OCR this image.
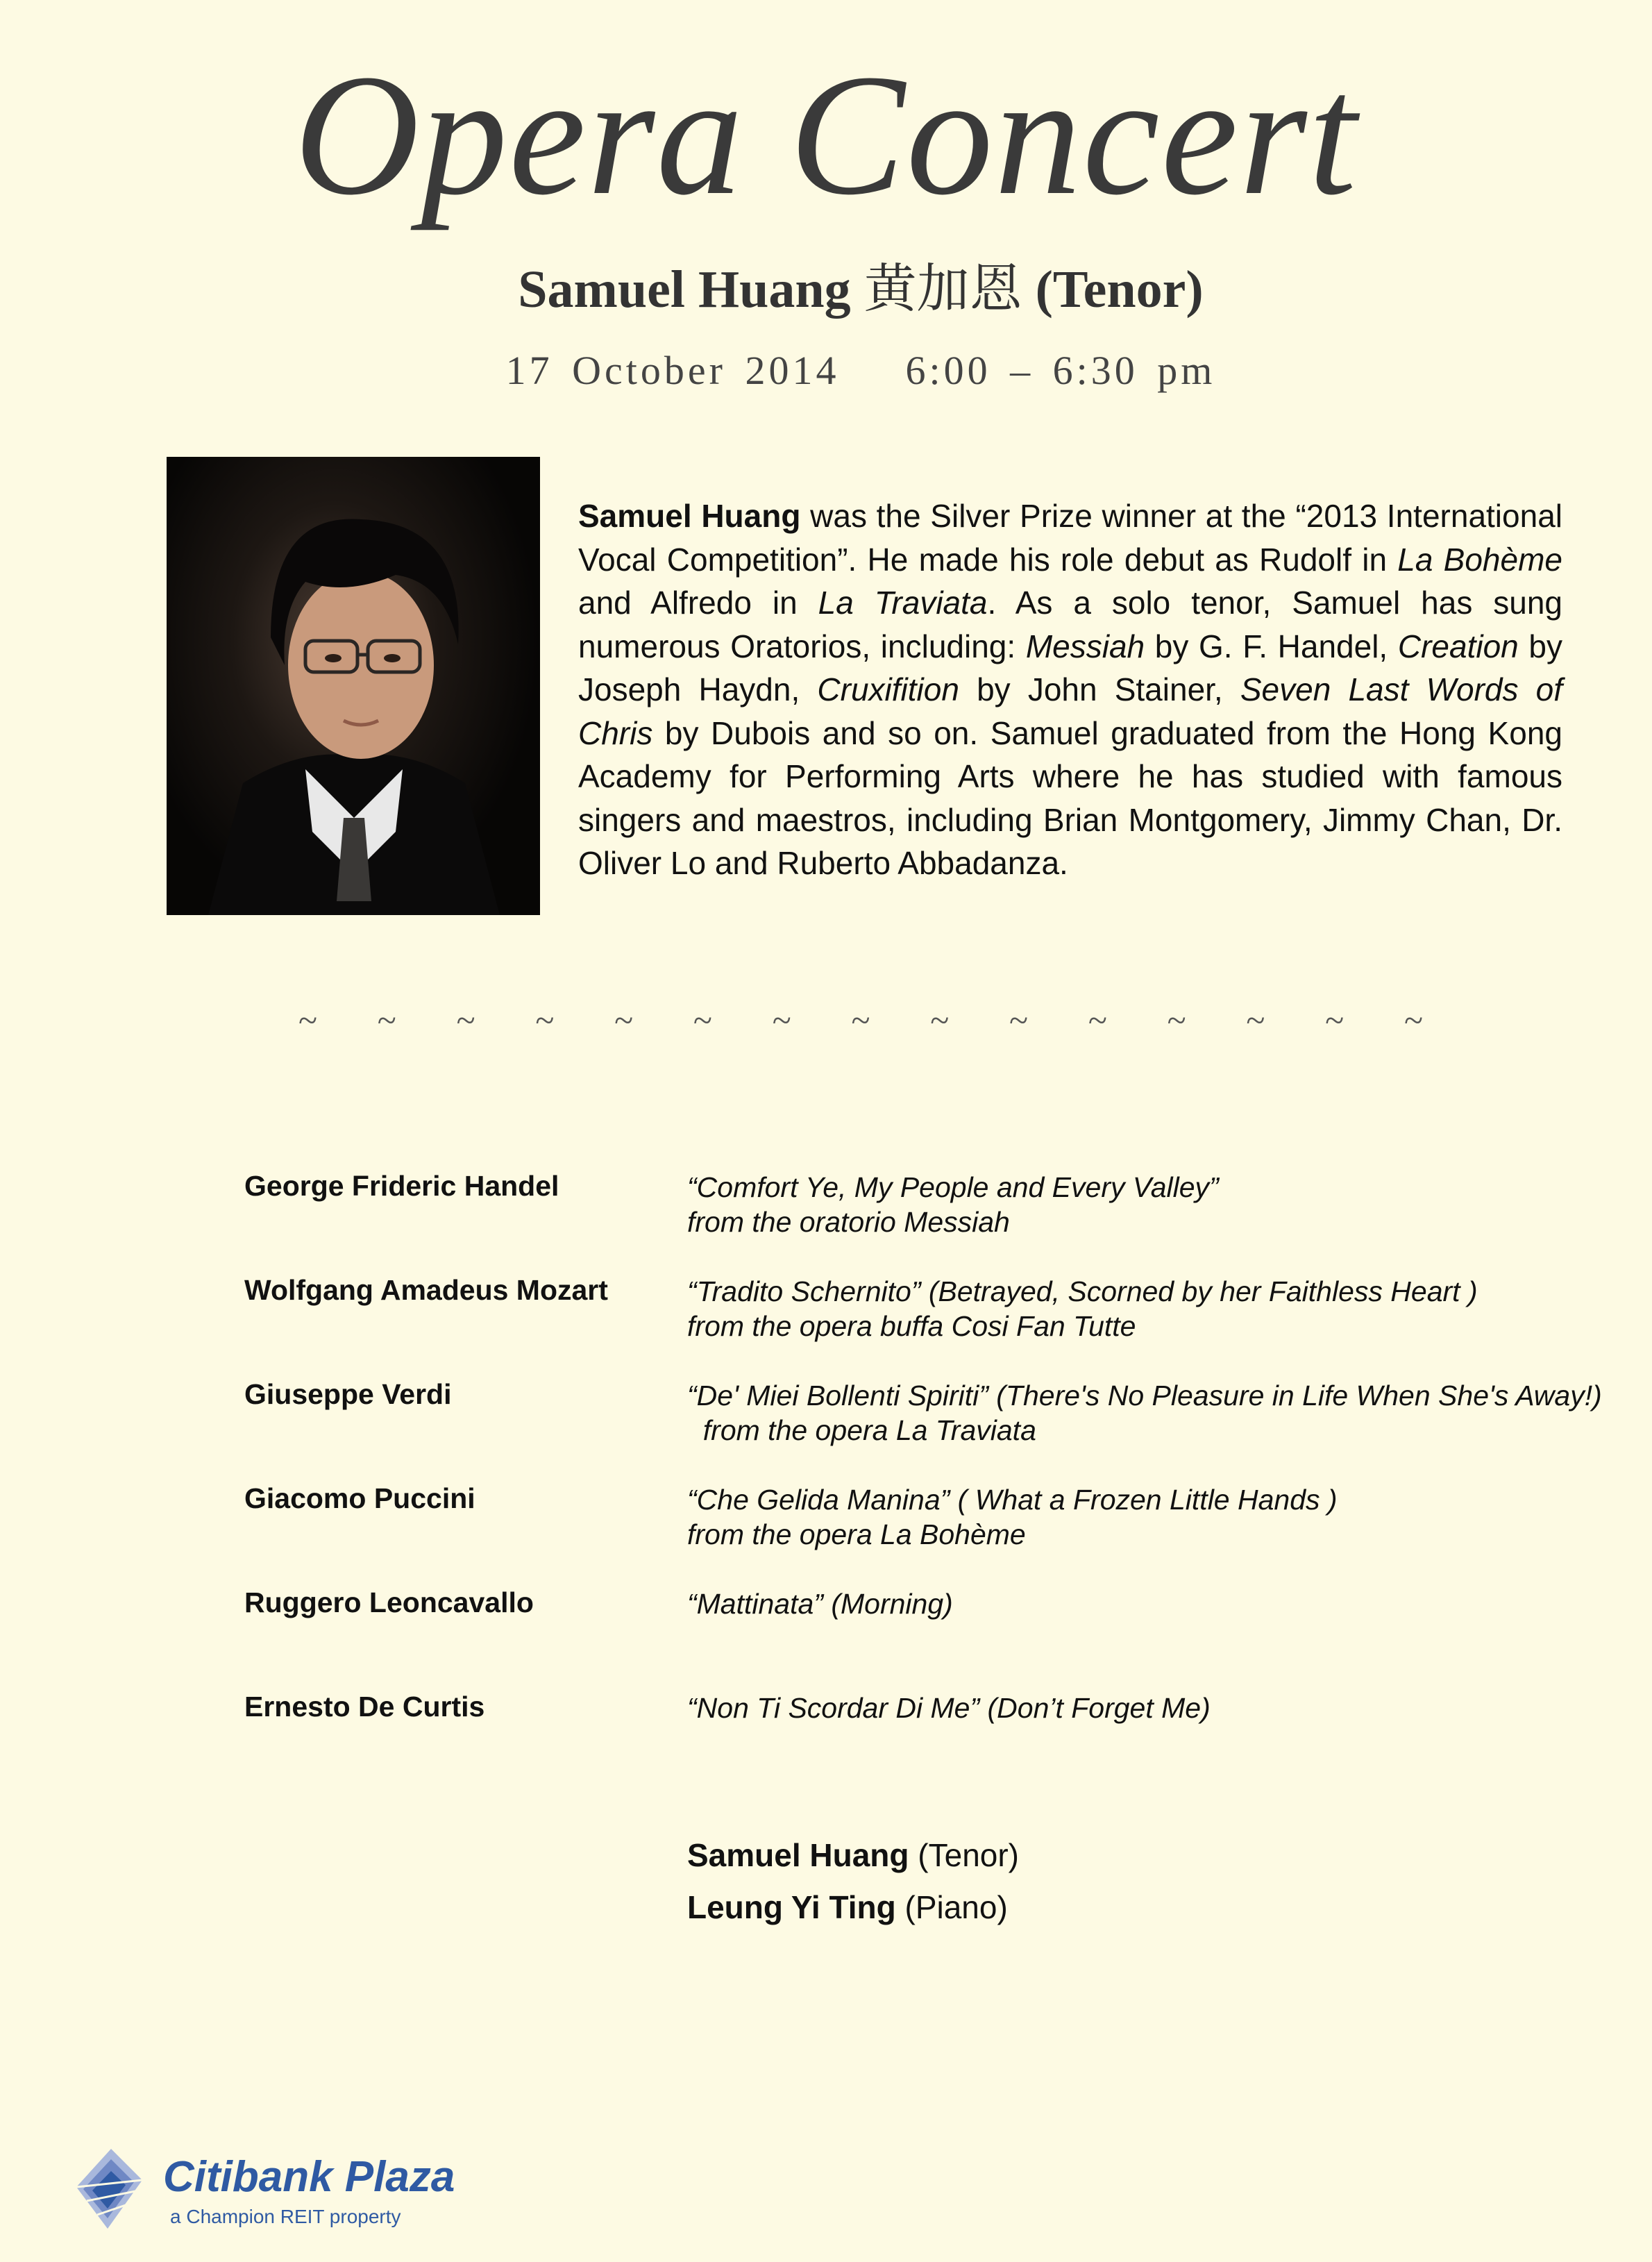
Opera Concert
Samuel Huang 黄加恩 (Tenor)
17 October 2014 6:00 – 6:30 pm
Samuel Huang was the Silver Prize winner at the “2013 International Vocal Competition”. He made his role debut as Rudolf in La Bohème and Alfredo in La Traviata. As a solo tenor, Samuel has sung numerous Oratorios, including: Messiah by G. F. Handel, Creation by Joseph Haydn, Cruxifition by John Stainer, Seven Last Words of Chris by Dubois and so on. Samuel graduated from the Hong Kong Academy for Performing Arts where he has studied with famous singers and maestros, including Brian Montgomery, Jimmy Chan, Dr. Oliver Lo and Ruberto Abbadanza.
~ ~ ~ ~ ~ ~ ~ ~ ~ ~ ~ ~ ~ ~ ~
George Frideric Handel	“Comfort Ye, My People and Every Valley”
from the oratorio Messiah
Wolfgang Amadeus Mozart	“Tradito Schernito” (Betrayed, Scorned by her Faithless Heart )
from the opera buffa Cosi Fan Tutte
Giuseppe Verdi	“De' Miei Bollenti Spiriti” (There's No Pleasure in Life When She's Away!)
from the opera La Traviata
Giacomo Puccini	“Che Gelida Manina” ( What a Frozen Little Hands )
from the opera La Bohème
Ruggero Leoncavallo	“Mattinata” (Morning)
Ernesto De Curtis	“Non Ti Scordar Di Me” (Don’t Forget Me)
Samuel Huang (Tenor)
Leung Yi Ting (Piano)
Citibank Plaza
a Champion REIT property
